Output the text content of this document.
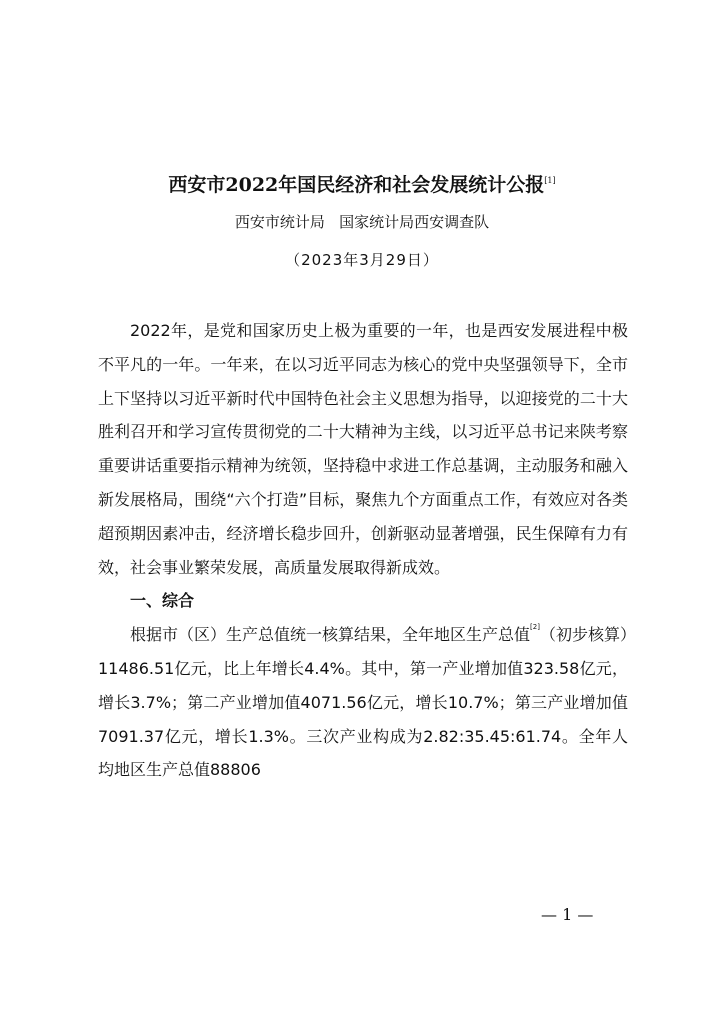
西安市2022年国民经济和社会发展统计公报[1]
西安市统计局   国家统计局西安调查队
（2023年3月29日）

2022年，是党和国家历史上极为重要的一年，也是西安发展进程中极不平凡的一年。一年来，在以习近平同志为核心的党中央坚强领导下，全市上下坚持以习近平新时代中国特色社会主义思想为指导，以迎接党的二十大胜利召开和学习宣传贯彻党的二十大精神为主线，以习近平总书记来陕考察重要讲话重要指示精神为统领，坚持稳中求进工作总基调，主动服务和融入新发展格局，围绕“六个打造”目标，聚焦九个方面重点工作，有效应对各类超预期因素冲击，经济增长稳步回升，创新驱动显著增强，民生保障有力有效，社会事业繁荣发展，高质量发展取得新成效。

一、综合

根据市（区）生产总值统一核算结果，全年地区生产总值[2]（初步核算）11486.51亿元，比上年增长4.4%。其中，第一产业增加值323.58亿元，增长3.7%；第二产业增加值4071.56亿元，增长10.7%；第三产业增加值7091.37亿元，增长1.3%。三次产业构成为2.82:35.45:61.74。全年人均地区生产总值88806

— 1 —
